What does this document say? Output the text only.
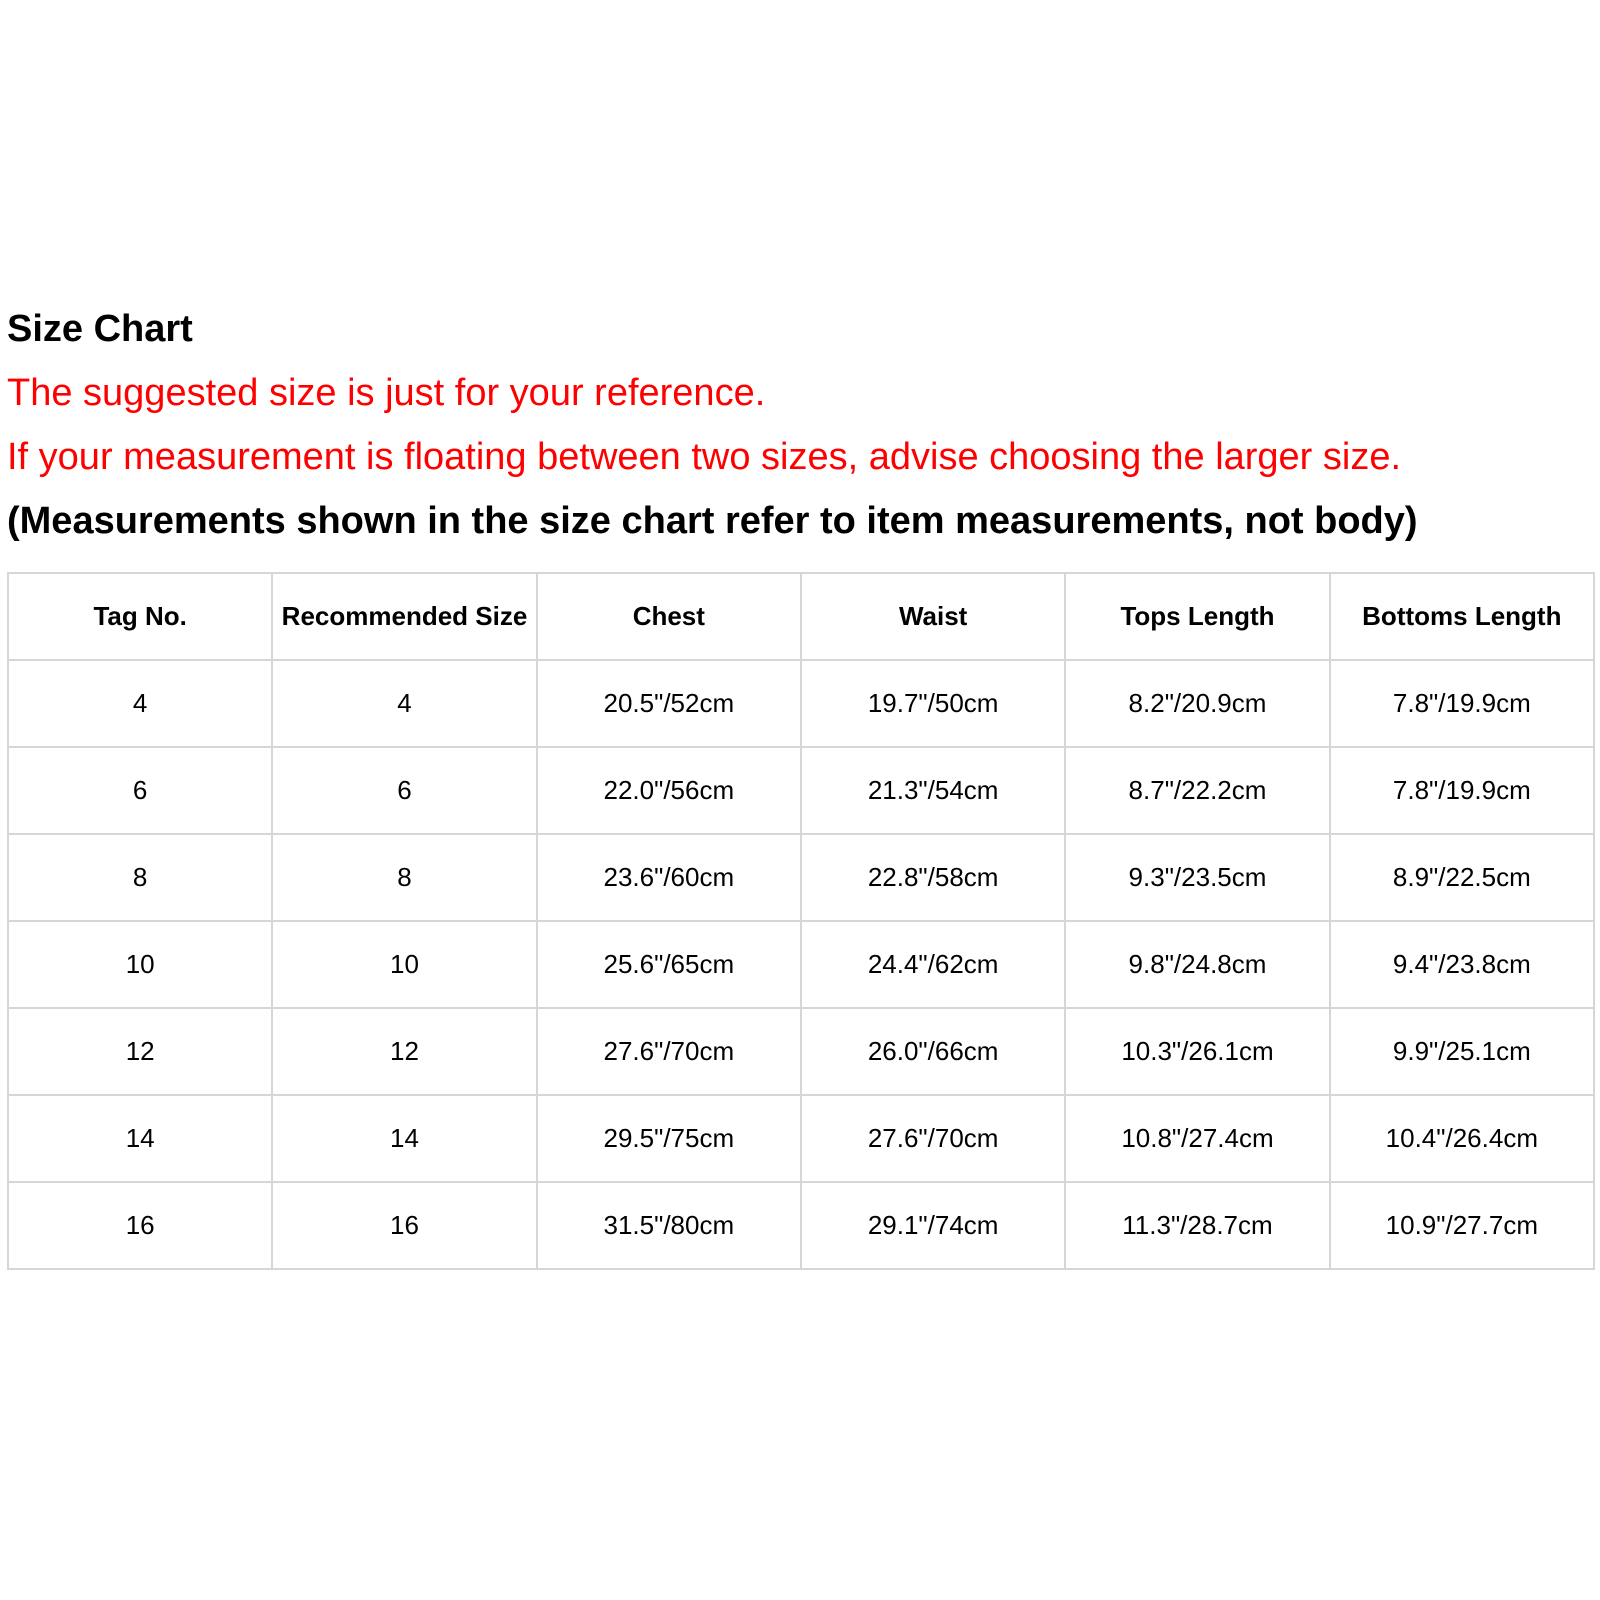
Size Chart
The suggested size is just for your reference.
If your measurement is floating between two sizes, advise choosing the larger size.
(Measurements shown in the size chart refer to item measurements, not body)
Tag No.	Recommended Size	Chest	Waist	Tops Length	Bottoms Length
4	4	20.5"/52cm	19.7"/50cm	8.2"/20.9cm	7.8"/19.9cm
6	6	22.0"/56cm	21.3"/54cm	8.7"/22.2cm	7.8"/19.9cm
8	8	23.6"/60cm	22.8"/58cm	9.3"/23.5cm	8.9"/22.5cm
10	10	25.6"/65cm	24.4"/62cm	9.8"/24.8cm	9.4"/23.8cm
12	12	27.6"/70cm	26.0"/66cm	10.3"/26.1cm	9.9"/25.1cm
14	14	29.5"/75cm	27.6"/70cm	10.8"/27.4cm	10.4"/26.4cm
16	16	31.5"/80cm	29.1"/74cm	11.3"/28.7cm	10.9"/27.7cm
